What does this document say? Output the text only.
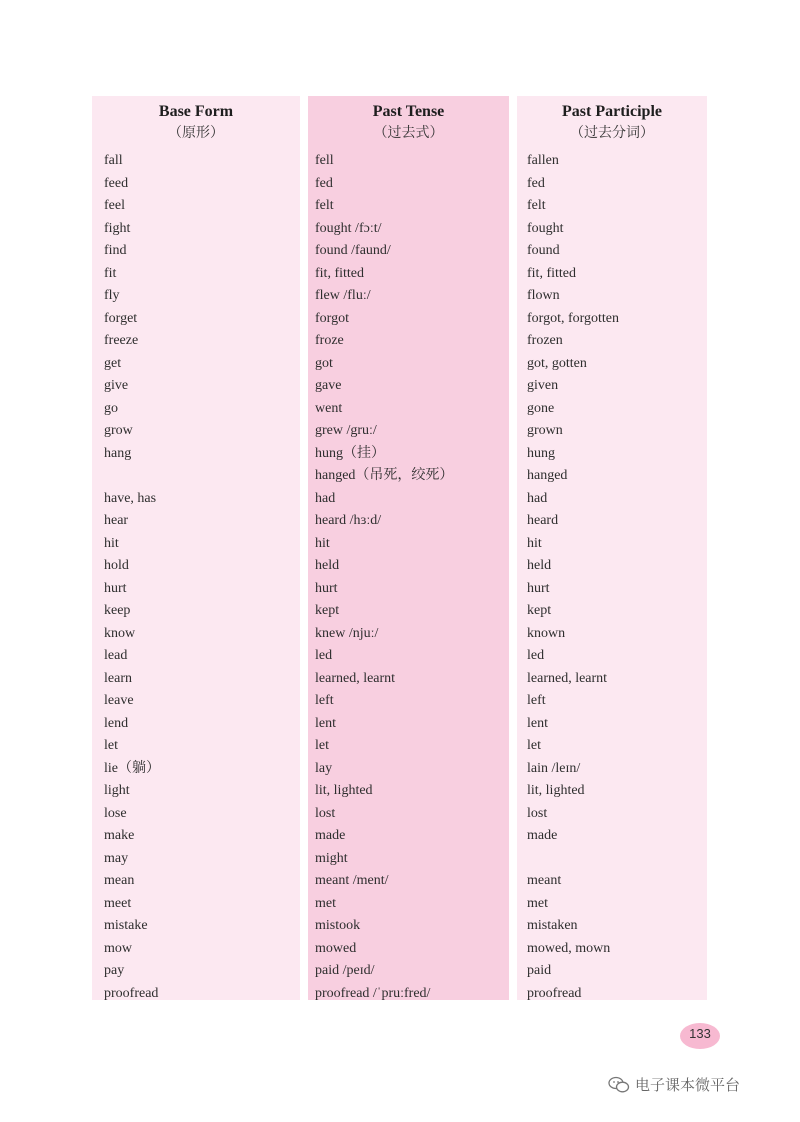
Base Form
（原形）
fall
feed
feel
fight
find
fit
fly
forget
freeze
get
give
go
grow
hang
have, has
hear
hit
hold
hurt
keep
know
lead
learn
leave
lend
let
lie（躺）
light
lose
make
may
mean
meet
mistake
mow
pay
proofread
Past Tense
（过去式）
fell
fed
felt
fought /fɔːt/
found /faund/
fit, fitted
flew /fluː/
forgot
froze
got
gave
went
grew /gruː/
hung（挂）
hanged（吊死，绞死）
had
heard /hɜːd/
hit
held
hurt
kept
knew /njuː/
led
learned, learnt
left
lent
let
lay
lit, lighted
lost
made
might
meant /ment/
met
mistook
mowed
paid /peɪd/
proofread /ˈpruːfred/
Past Participle
（过去分词）
fallen
fed
felt
fought
found
fit, fitted
flown
forgot, forgotten
frozen
got, gotten
given
gone
grown
hung
hanged
had
heard
hit
held
hurt
kept
known
led
learned, learnt
left
lent
let
lain /leɪn/
lit, lighted
lost
made
meant
met
mistaken
mowed, mown
paid
proofread
133
电子课本微平台
